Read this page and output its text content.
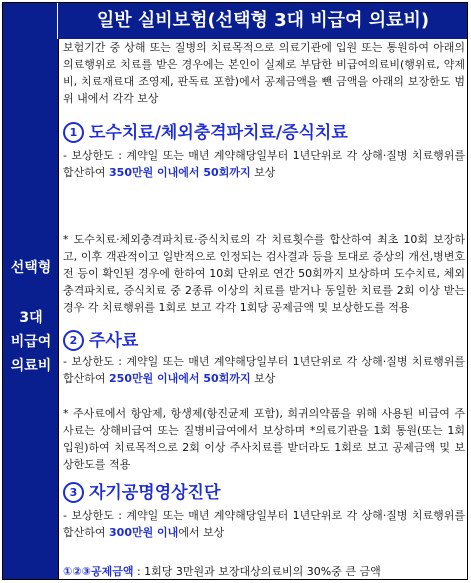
일반 실비보험(선택형 3대 비급여 의료비)
선택형
3대
비급여
의료비

보험기간 중 상해 또는 질병의 치료목적으로 의료기관에 입원 또는 통원하여 아래의 의료행위로 치료를 받은 경우에는 본인이 실제로 부담한 비급여의료비(행위료, 약제비, 치료재료대 조영제, 판독료 포함)에서 공제금액을 뺀 금액을 아래의 보장한도 범위 내에서 각각 보상

1 도수치료/체외충격파치료/증식치료

- 보상한도 : 계약일 또는 매년 계약해당일부터 1년단위로 각 상해·질병 치료행위를 합산하여 350만원 이내에서 50회까지 보상

* 도수치료·체외충격파치료·증식치료의 각 치료횟수를 합산하여 최초 10회 보장하고, 이후 객관적이고 일반적으로 인정되는 검사결과 등을 토대로 증상의 개선,병변호전 등이 확인된 경우에 한하여 10회 단위로 연간 50회까지 보상하며 도수치료, 체외충격파치료, 증식치료 중 2종류 이상의 치료를 받거나 동일한 치료를 2회 이상 받는 경우 각 치료행위를 1회로 보고 각각 1회당 공제금액 및 보상한도를 적용

2 주사료

- 보상한도 : 계약일 또는 매년 계약해당일부터 1년단위로 각 상해·질병 치료행위를 합산하여 250만원 이내에서 50회까지 보상

* 주사료에서 항암제, 항생제(항진균제 포함), 희귀의약품을 위해 사용된 비급여 주사료는 상해비급여 또는 질병비급여에서 보상하며 *의료기관을 1회 통원(또는 1회 입원)하여 치료목적으로 2회 이상 주사치료를 받더라도 1회로 보고 공제금액 및 보상한도를 적용

3 자기공명영상진단

- 보상한도 : 계약일 또는 매년 계약해당일부터 1년단위로 각 상해·질병 치료행위를합산하여 300만원 이내에서 보상

①②③공제금액 : 1회당 3만원과 보장대상의료비의 30%중 큰 금액
